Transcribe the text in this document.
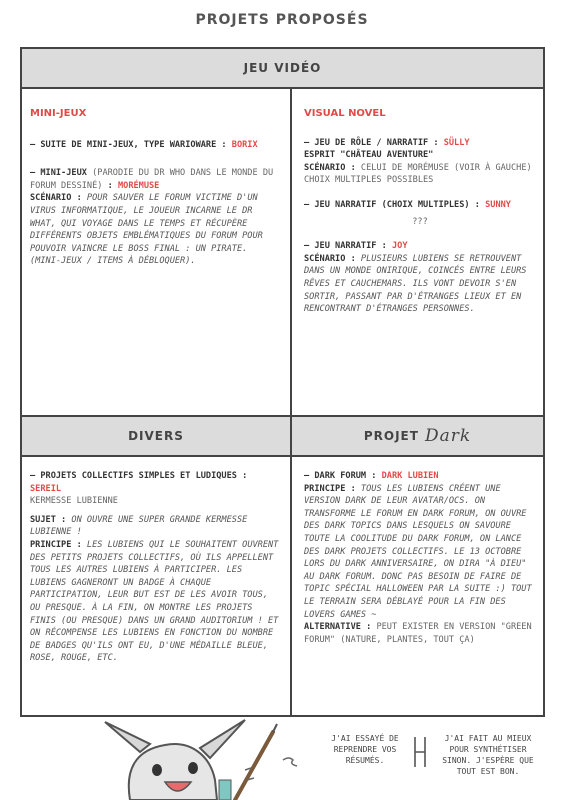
PROJETS PROPOSÉS
JEU VIDÉO

MINI-JEUX

– SUITE DE MINI-JEUX, TYPE WARIOWARE : BORIX

– MINI-JEUX (PARODIE DU DR WHO DANS LE MONDE DU FORUM DESSINÉ) : MORÉMUSE

SCÉNARIO : POUR SAUVER LE FORUM VICTIME D'UN VIRUS INFORMATIQUE, LE JOUEUR INCARNE LE DR WHAT, QUI VOYAGE DANS LE TEMPS ET RÉCUPÈRE DIFFÉRENTS OBJETS EMBLÉMATIQUES DU FORUM POUR POUVOIR VAINCRE LE BOSS FINAL : UN PIRATE. (MINI-JEUX / ITEMS À DÉBLOQUER).

VISUAL NOVEL

– JEU DE RÔLE / NARRATIF : SÜLLY
ESPRIT "CHÂTEAU AVENTURE"
SCÉNARIO : CELUI DE MORÉMUSE (VOIR À GAUCHE)
CHOIX MULTIPLES POSSIBLES

– JEU NARRATIF (CHOIX MULTIPLES) : SUNNY

???

– JEU NARRATIF : JOY

SCÉNARIO : PLUSIEURS LUBIENS SE RETROUVENT DANS UN MONDE ONIRIQUE, COINCÉS ENTRE LEURS RÊVES ET CAUCHEMARS. ILS VONT DEVOIR S'EN SORTIR, PASSANT PAR D'ÉTRANGES LIEUX ET EN RENCONTRANT D'ÉTRANGES PERSONNES.

DIVERS	PROJET Dark

– PROJETS COLLECTIFS SIMPLES ET LUDIQUES : SEREIL
KERMESSE LUBIENNE

SUJET : ON OUVRE UNE SUPER GRANDE KERMESSE LUBIENNE !

PRINCIPE : LES LUBIENS QUI LE SOUHAITENT OUVRENT DES PETITS PROJETS COLLECTIFS, OÙ ILS APPELLENT TOUS LES AUTRES LUBIENS À PARTICIPER. LES LUBIENS GAGNERONT UN BADGE À CHAQUE PARTICIPATION, LEUR BUT EST DE LES AVOIR TOUS, OU PRESQUE. À LA FIN, ON MONTRE LES PROJETS FINIS (OU PRESQUE) DANS UN GRAND AUDITORIUM ! ET ON RÉCOMPENSE LES LUBIENS EN FONCTION DU NOMBRE DE BADGES QU'ILS ONT EU, D'UNE MÉDAILLE BLEUE, ROSE, ROUGE, ETC.

– DARK FORUM : DARK LUBIEN

PRINCIPE : TOUS LES LUBIENS CRÉENT UNE VERSION DARK DE LEUR AVATAR/OCS. ON TRANSFORME LE FORUM EN DARK FORUM, ON OUVRE DES DARK TOPICS DANS LESQUELS ON SAVOURE TOUTE LA COOLITUDE DU DARK FORUM, ON LANCE DES DARK PROJETS COLLECTIFS. LE 13 OCTOBRE LORS DU DARK ANNIVERSAIRE, ON DIRA "À DIEU" AU DARK FORUM. DONC PAS BESOIN DE FAIRE DE TOPIC SPÉCIAL HALLOWEEN PAR LA SUITE :) TOUT LE TERRAIN SERA DÉBLAYÉ POUR LA FIN DES LOVERS GAMES ~

ALTERNATIVE : PEUT EXISTER EN VERSION "GREEN FORUM" (NATURE, PLANTES, TOUT ÇA)

J'AI ESSAYÉ DE REPRENDRE VOS RÉSUMÉS.
J'AI FAIT AU MIEUX POUR SYNTHÉTISER SINON. J'ESPÈRE QUE TOUT EST BON.
